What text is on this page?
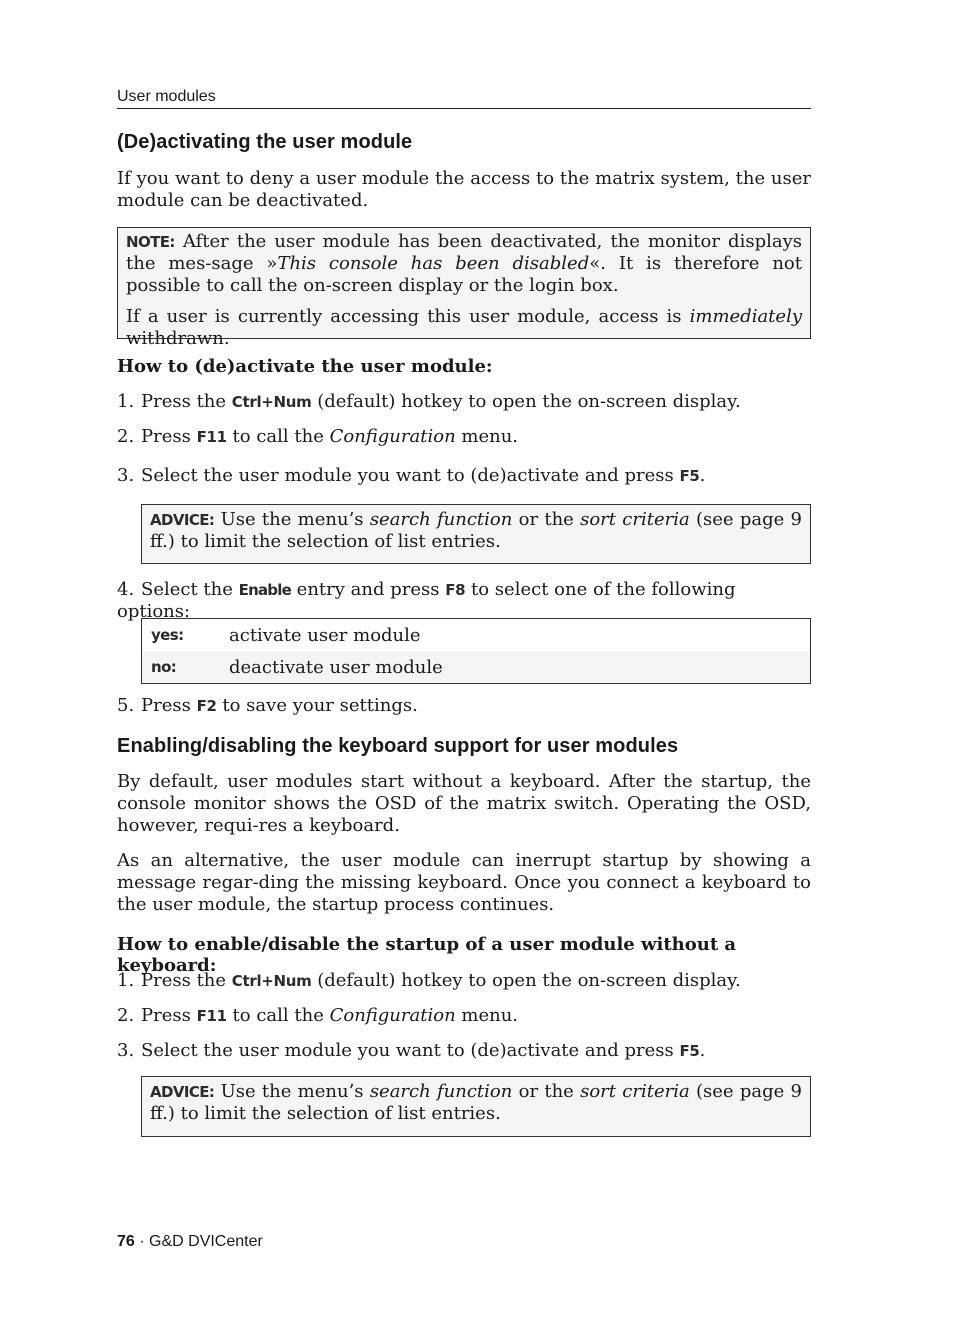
User modules
(De)activating the user module
If you want to deny a user module the access to the matrix system, the user module can be deactivated.
NOTE: After the user module has been deactivated, the monitor displays the mes-sage »This console has been disabled«. It is therefore not possible to call the on-screen display or the login box.
If a user is currently accessing this user module, access is immediately withdrawn.
How to (de)activate the user module:
1. Press the Ctrl+Num (default) hotkey to open the on-screen display.
2. Press F11 to call the Configuration menu.
3. Select the user module you want to (de)activate and press F5.
ADVICE: Use the menu’s search function or the sort criteria (see page 9 ff.) to limit the selection of list entries.
4. Select the Enable entry and press F8 to select one of the following options:
yes:	activate user module
no:	deactivate user module
5. Press F2 to save your settings.
Enabling/disabling the keyboard support for user modules
By default, user modules start without a keyboard. After the startup, the console monitor shows the OSD of the matrix switch. Operating the OSD, however, requi-res a keyboard.
As an alternative, the user module can inerrupt startup by showing a message regar-ding the missing keyboard. Once you connect a keyboard to the user module, the startup process continues.
How to enable/disable the startup of a user module without a keyboard:
1. Press the Ctrl+Num (default) hotkey to open the on-screen display.
2. Press F11 to call the Configuration menu.
3. Select the user module you want to (de)activate and press F5.
ADVICE: Use the menu’s search function or the sort criteria (see page 9 ff.) to limit the selection of list entries.
76 · G&D DVICenter
